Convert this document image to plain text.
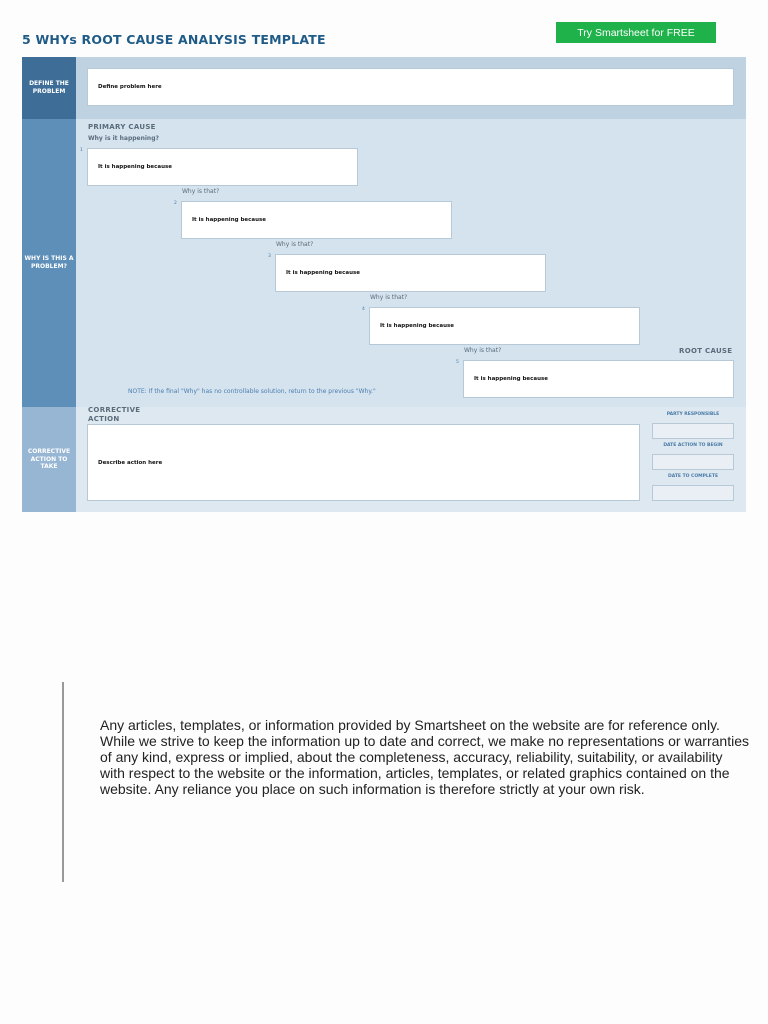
5 WHYs ROOT CAUSE ANALYSIS TEMPLATE	Try Smartsheet for FREE
DEFINE THE PROBLEM
WHY IS THIS A PROBLEM?
CORRECTIVE ACTION TO TAKE
Define problem here
PRIMARY CAUSE
Why is it happening?
1
It is happening because
Why is that?
2
It is happening because
Why is that?
3
It is happening because
Why is that?
4
It is happening because
Why is that?	ROOT CAUSE
5
It is happening because
NOTE: If the final "Why" has no controllable solution, return to the previous "Why."
CORRECTIVE ACTION
Describe action here
PARTY RESPONSIBLE
DATE ACTION TO BEGIN
DATE TO COMPLETE

Any articles, templates, or information provided by Smartsheet on the website are for reference only.
While we strive to keep the information up to date and correct, we make no representations or warranties
of any kind, express or implied, about the completeness, accuracy, reliability, suitability, or availability
with respect to the website or the information, articles, templates, or related graphics contained on the
website. Any reliance you place on such information is therefore strictly at your own risk.
